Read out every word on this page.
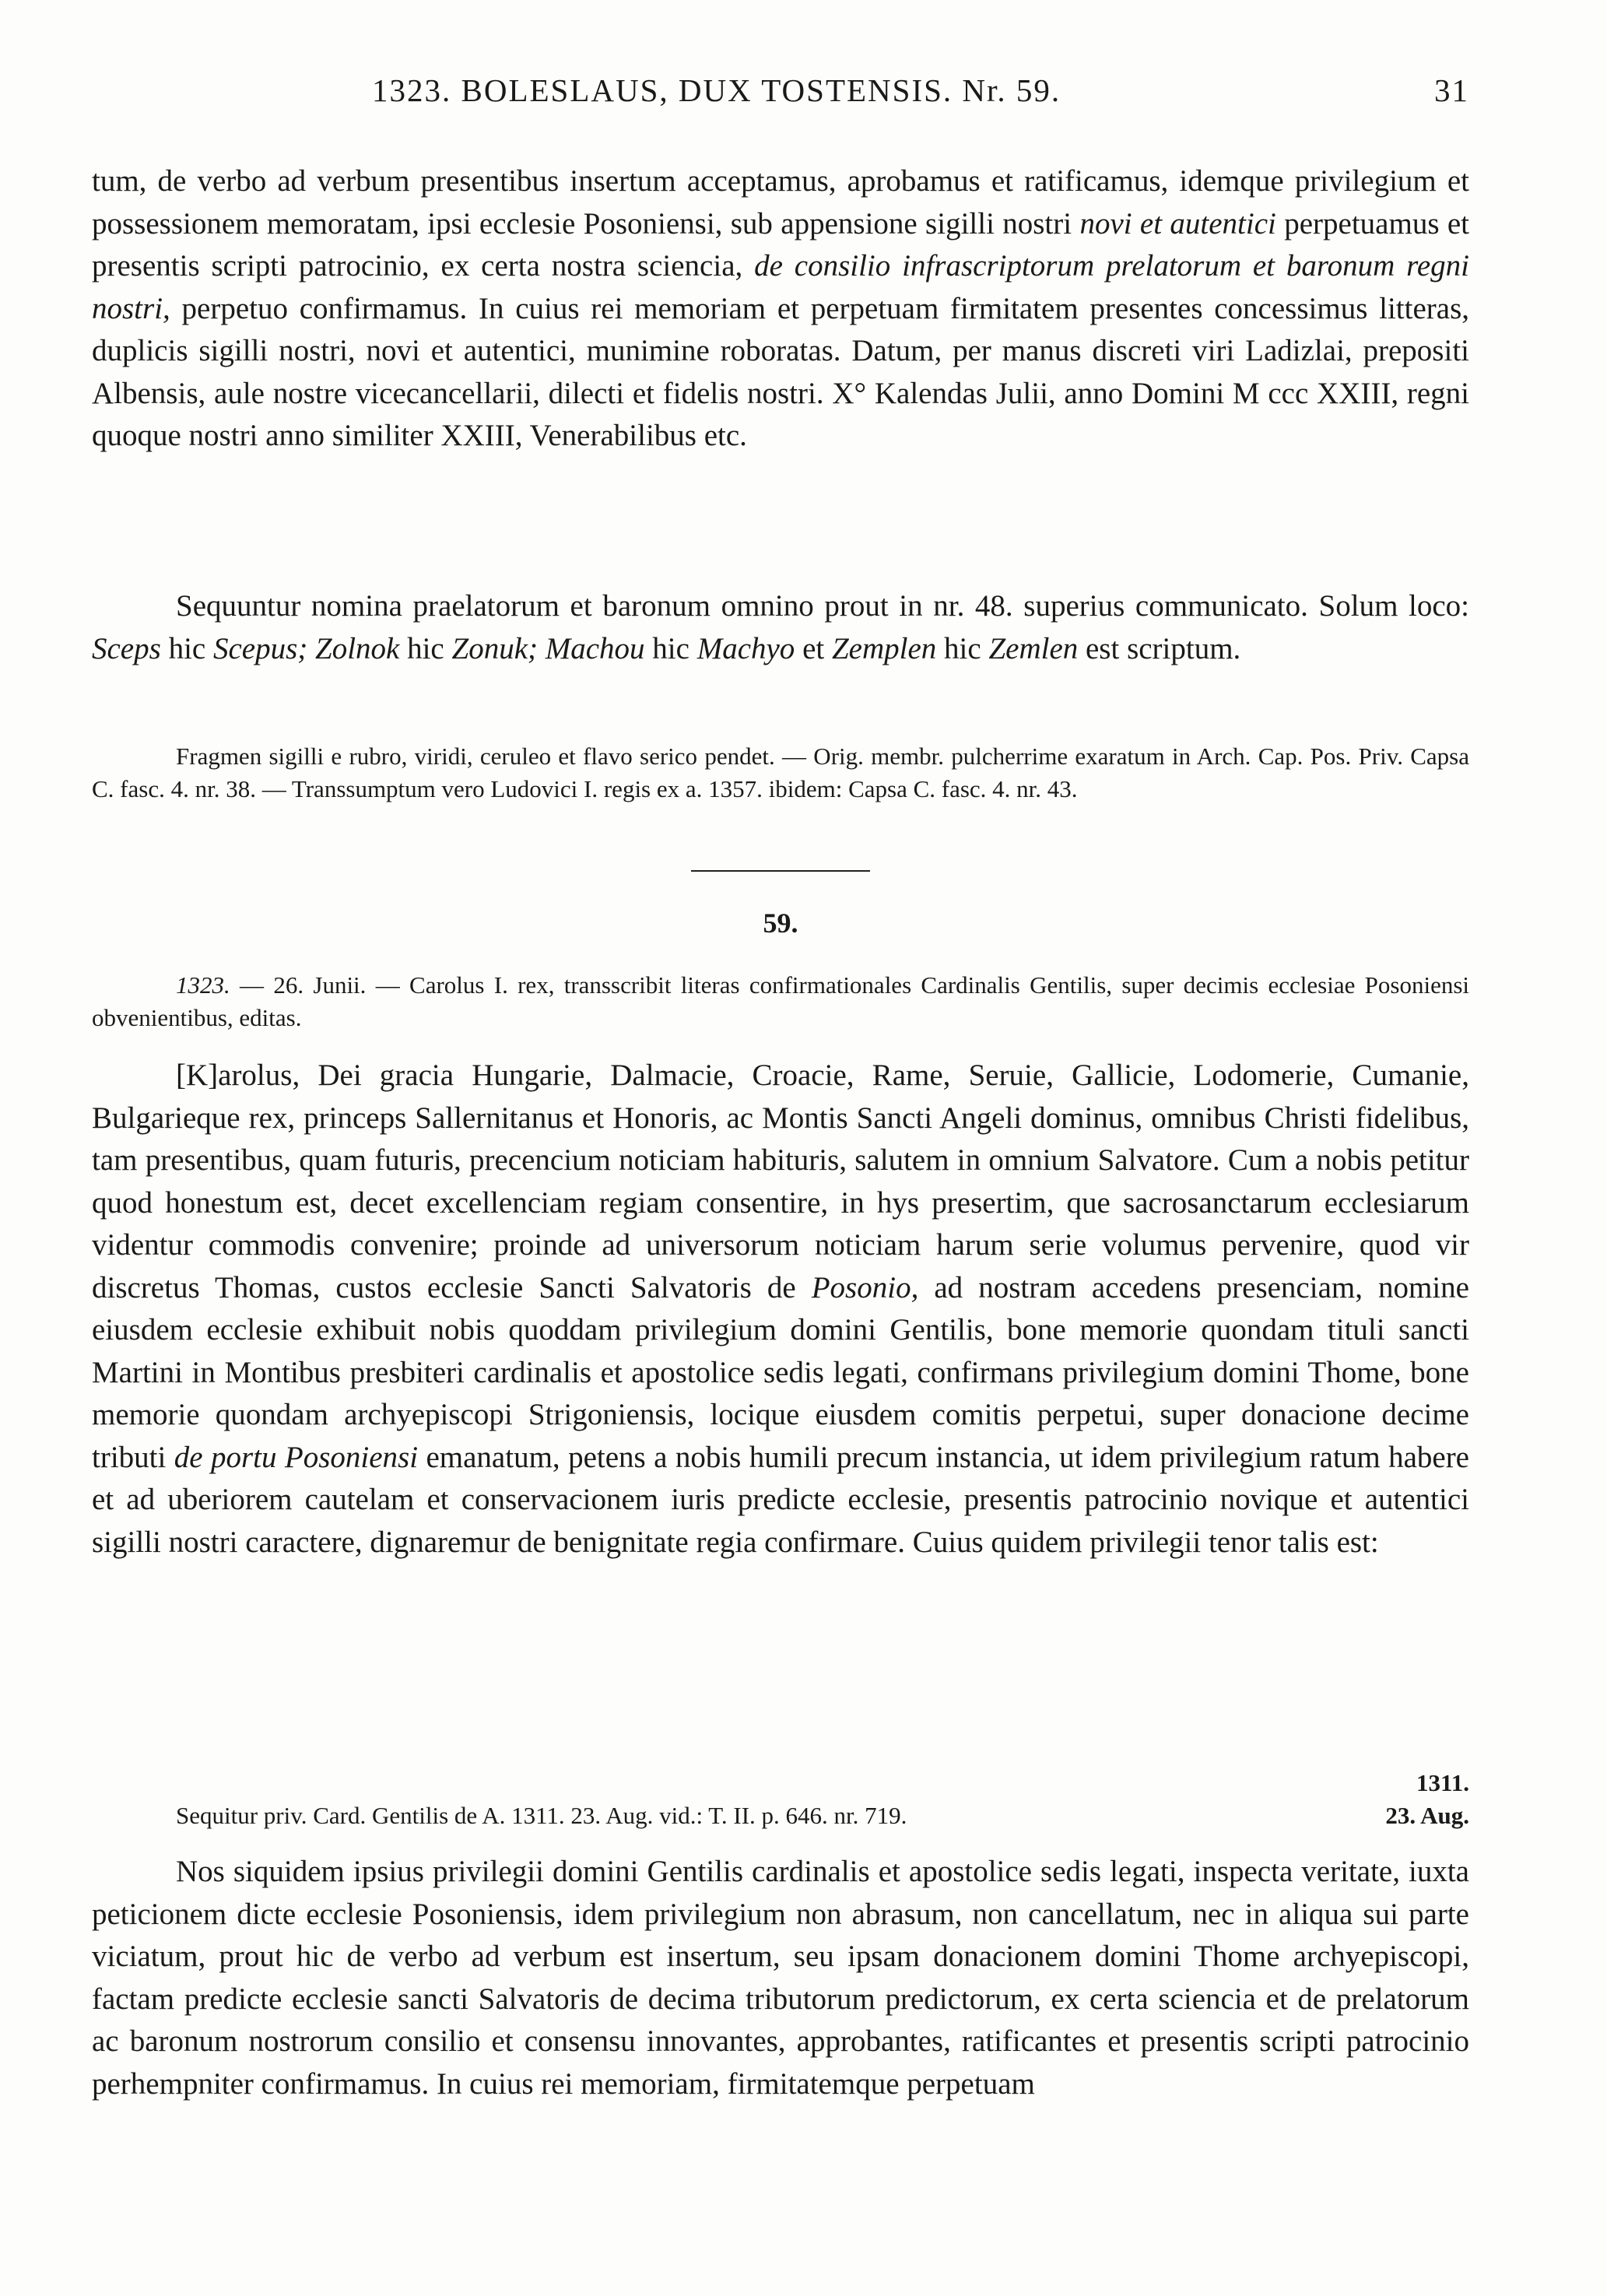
1323. BOLESLAUS, DUX TOSTENSIS. Nr. 59.	31
tum, de verbo ad verbum presentibus insertum acceptamus, aprobamus et ratificamus, idemque privilegium et possessionem memoratam, ipsi ecclesie Posoniensi, sub appensione sigilli nostri novi et autentici perpetuamus et presentis scripti patrocinio, ex certa nostra sciencia, de consilio infrascriptorum prelatorum et baronum regni nostri, perpetuo confirmamus. In cuius rei memoriam et perpetuam firmitatem presentes concessimus litteras, duplicis sigilli nostri, novi et autentici, munimine roboratas. Datum, per manus discreti viri Ladizlai, prepositi Albensis, aule nostre vicecancellarii, dilecti et fidelis nostri. X° Kalendas Julii, anno Domini M ccc XXIII, regni quoque nostri anno similiter XXIII, Venerabilibus etc.
Sequuntur nomina praelatorum et baronum omnino prout in nr. 48. superius communicato. Solum loco: Sceps hic Scepus; Zolnok hic Zonuk; Machou hic Machyo et Zemplen hic Zemlen est scriptum.
Fragmen sigilli e rubro, viridi, ceruleo et flavo serico pendet. — Orig. membr. pulcherrime exaratum in Arch. Cap. Pos. Priv. Capsa C. fasc. 4. nr. 38. — Transsumptum vero Ludovici I. regis ex a. 1357. ibidem: Capsa C. fasc. 4. nr. 43.
59.
1323. — 26. Junii. — Carolus I. rex, transscribit literas confirmationales Cardinalis Gentilis, super decimis ecclesiae Posoniensi obvenientibus, editas.
[K]arolus, Dei gracia Hungarie, Dalmacie, Croacie, Rame, Seruie, Gallicie, Lodomerie, Cumanie, Bulgarieque rex, princeps Sallernitanus et Honoris, ac Montis Sancti Angeli dominus, omnibus Christi fidelibus, tam presentibus, quam futuris, precencium noticiam habituris, salutem in omnium Salvatore. Cum a nobis petitur quod honestum est, decet excellenciam regiam consentire, in hys presertim, que sacrosanctarum ecclesiarum videntur commodis convenire; proinde ad universorum noticiam harum serie volumus pervenire, quod vir discretus Thomas, custos ecclesie Sancti Salvatoris de Posonio, ad nostram accedens presenciam, nomine eiusdem ecclesie exhibuit nobis quoddam privilegium domini Gentilis, bone memorie quondam tituli sancti Martini in Montibus presbiteri cardinalis et apostolice sedis legati, confirmans privilegium domini Thome, bone memorie quondam archyepiscopi Strigoniensis, locique eiusdem comitis perpetui, super donacione decime tributi de portu Posoniensi emanatum, petens a nobis humili precum instancia, ut idem privilegium ratum habere et ad uberiorem cautelam et conservacionem iuris predicte ecclesie, presentis patrocinio novique et autentici sigilli nostri caractere, dignaremur de benignitate regia confirmare. Cuius quidem privilegii tenor talis est:
1311.
23. Aug.
Sequitur priv. Card. Gentilis de A. 1311. 23. Aug. vid.: T. II. p. 646. nr. 719.
Nos siquidem ipsius privilegii domini Gentilis cardinalis et apostolice sedis legati, inspecta veritate, iuxta peticionem dicte ecclesie Posoniensis, idem privilegium non abrasum, non cancellatum, nec in aliqua sui parte viciatum, prout hic de verbo ad verbum est insertum, seu ipsam donacionem domini Thome archyepiscopi, factam predicte ecclesie sancti Salvatoris de decima tributorum predictorum, ex certa sciencia et de prelatorum ac baronum nostrorum consilio et consensu innovantes, approbantes, ratificantes et presentis scripti patrocinio perhempniter confirmamus. In cuius rei memoriam, firmitatemque perpetuam
